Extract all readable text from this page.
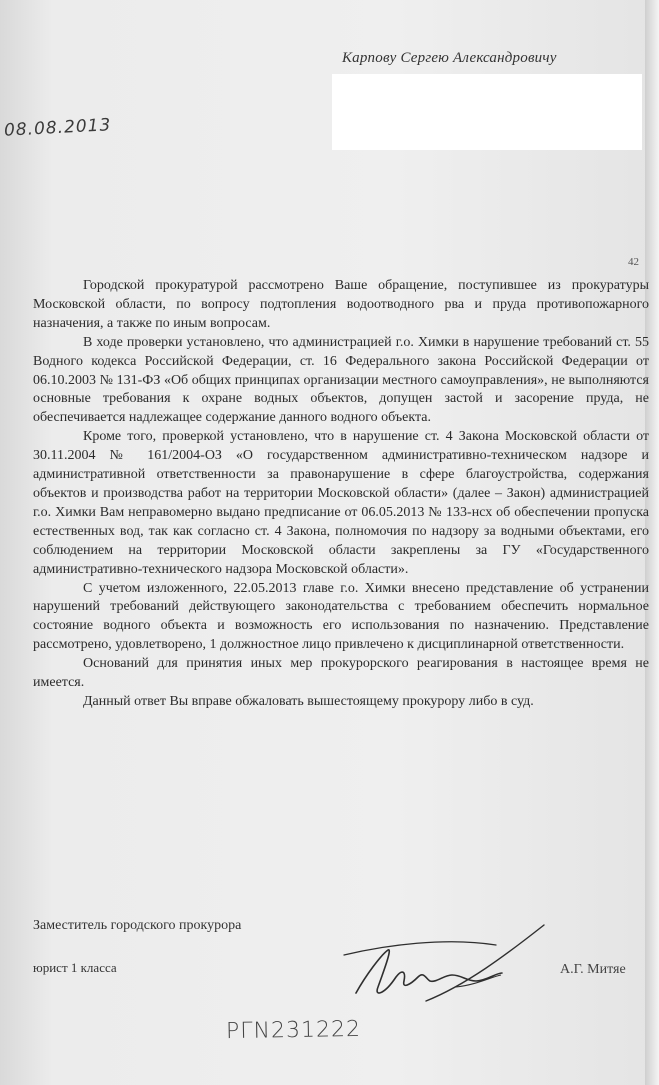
Карпову Сергею Александровичу
08.08.2013
42

Городской прокуратурой рассмотрено Ваше обращение, поступившее из прокуратуры Московской области, по вопросу подтопления водоотводного рва и пруда противопожарного назначения, а также по иным вопросам.

В ходе проверки установлено, что администрацией г.о. Химки в нарушение требований ст. 55 Водного кодекса Российской Федерации, ст. 16 Федерального закона Российской Федерации от 06.10.2003 № 131-ФЗ «Об общих принципах организации местного самоуправления», не выполняются основные требования к охране водных объектов, допущен застой и засорение пруда, не обеспечивается надлежащее содержание данного водного объекта.

Кроме того, проверкой установлено, что в нарушение ст. 4 Закона Московской области от 30.11.2004 № 161/2004-ОЗ «О государственном административно-техническом надзоре и административной ответственности за правонарушение в сфере благоустройства, содержания объектов и производства работ на территории Московской области» (далее – Закон) администрацией г.о. Химки Вам неправомерно выдано предписание от 06.05.2013 № 133-нсх об обеспечении пропуска естественных вод, так как согласно ст. 4 Закона, полномочия по надзору за водными объектами, его соблюдением на территории Московской области закреплены за ГУ «Государственного административно-технического надзора Московской области».

С учетом изложенного, 22.05.2013 главе г.о. Химки внесено представление об устранении нарушений требований действующего законодательства с требованием обеспечить нормальное состояние водного объекта и возможность его использования по назначению. Представление рассмотрено, удовлетворено, 1 должностное лицо привлечено к дисциплинарной ответственности.

Оснований для принятия иных мер прокурорского реагирования в настоящее время не имеется.

Данный ответ Вы вправе обжаловать вышестоящему прокурору либо в суд.

Заместитель городского прокурора
юрист 1 класса	А.Г. Митяе
РГN231222
